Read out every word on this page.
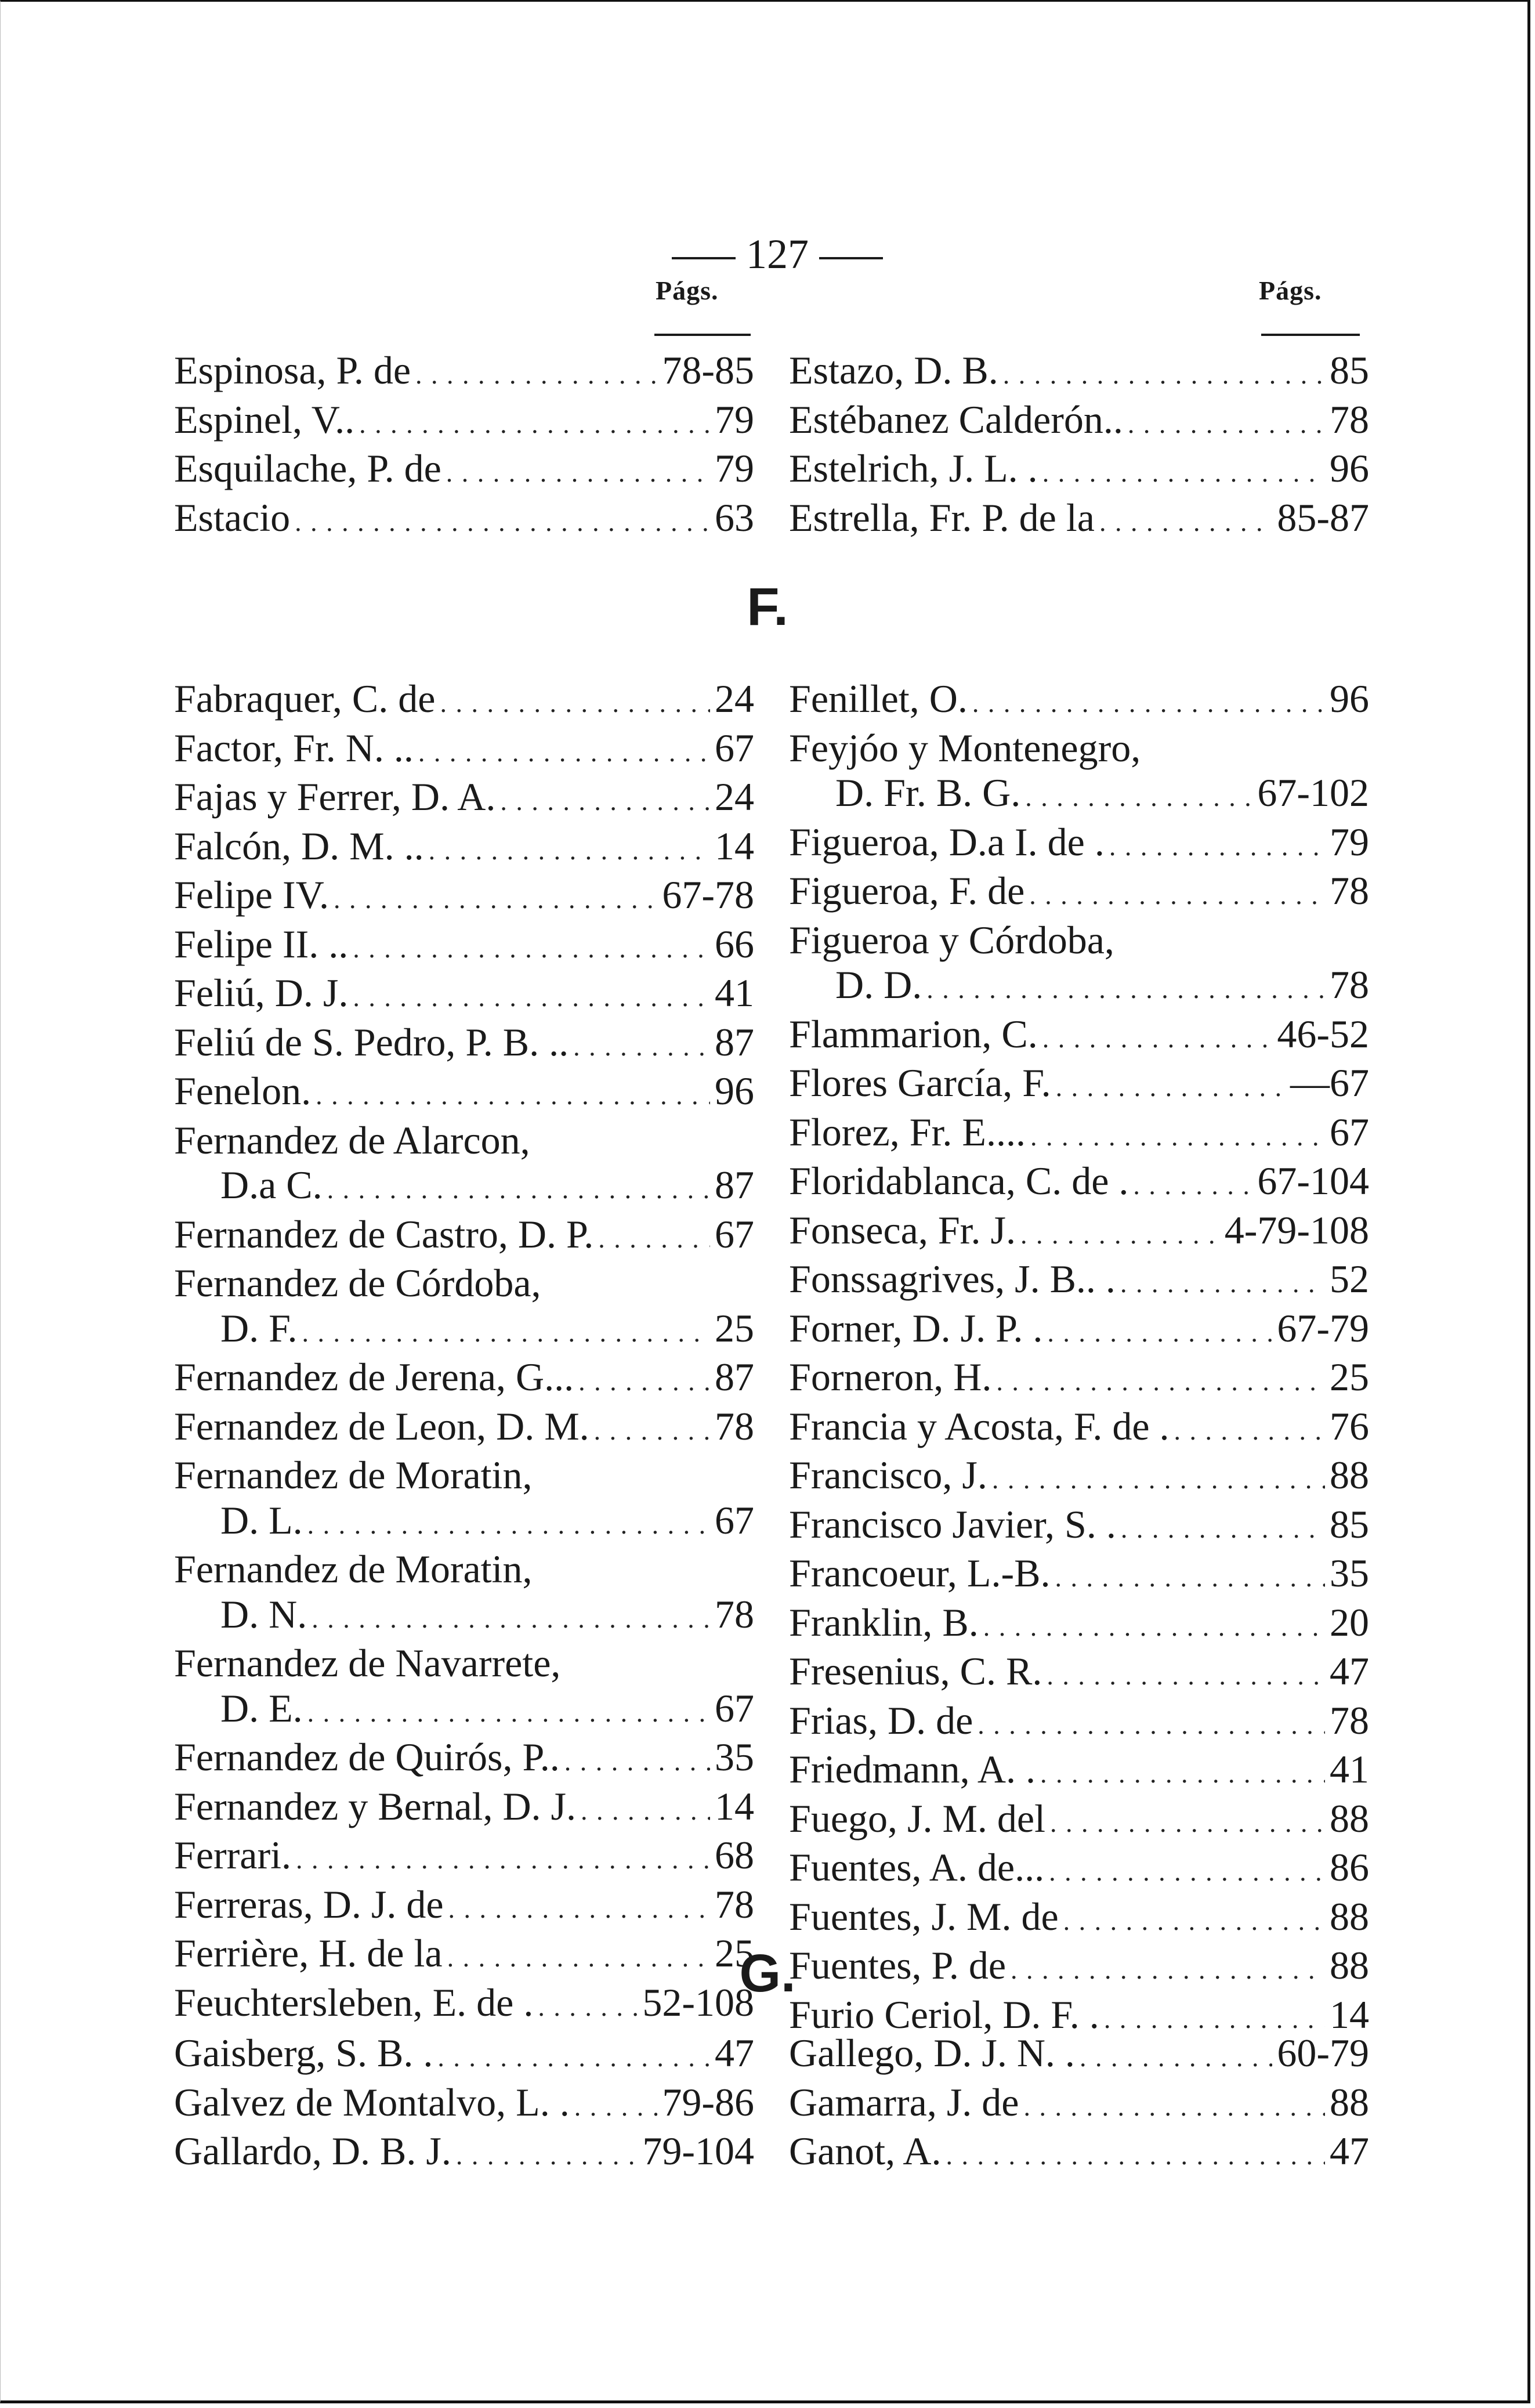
127
Págs.	Págs.
Espinosa, P. de . . .	78-85
Espinel, V.. . . .	79
Esquilache, P. de . . .	79
Estacio . . .	63
Estazo, D. B. . . .	85
Estébanez Calderón.. . . .	78
Estelrich, J. L. . . . .	96
Estrella, Fr. P. de la . . .	85-87
F.
Fabraquer, C. de . . .	24
Factor, Fr. N. .. . . .	67
Fajas y Ferrer, D. A. . . .	24
Falcón, D. M. .. . . .	14
Felipe IV. . . .	67-78
Felipe II. .. . . .	66
Feliú, D. J. . . .	41
Feliú de S. Pedro, P. B. .. . . .	87
Fenelon. . . .	96
Fernandez de Alarcon,
D.a C. . . .	87
Fernandez de Castro, D. P. . . .	67
Fernandez de Córdoba,
D. F. . . .	25
Fernandez de Jerena, G... . . .	87
Fernandez de Leon, D. M. . . .	78
Fernandez de Moratin,
D. L. . . .	67
Fernandez de Moratin,
D. N. . . .	78
Fernandez de Navarrete,
D. E. . . .	67
Fernandez de Quirós, P.. . . .	35
Fernandez y Bernal, D. J. . . .	14
Ferrari. . . .	68
Ferreras, D. J. de . . .	78
Ferrière, H. de la . . .	25
Feuchtersleben, E. de . . . .	52-108
Fenillet, O. . . .	96
Feyjóo y Montenegro,
D. Fr. B. G. . . .	67-102
Figueroa, D.a I. de . . . .	79
Figueroa, F. de . . .	78
Figueroa y Córdoba,
D. D. . . .	78
Flammarion, C. . . .	46-52
Flores García, F. . . .	—67
Florez, Fr. E.... . . .	67
Floridablanca, C. de . . . .	67-104
Fonseca, Fr. J. . . .	4-79-108
Fonssagrives, J. B.. . . . .	52
Forner, D. J. P. . . . .	67-79
Forneron, H. . . .	25
Francia y Acosta, F. de . . . .	76
Francisco, J. . . .	88
Francisco Javier, S. . . . .	85
Francoeur, L.-B. . . .	35
Franklin, B. . . .	20
Fresenius, C. R. . . .	47
Frias, D. de . . .	78
Friedmann, A. . . . .	41
Fuego, J. M. del . . .	88
Fuentes, A. de... . . .	86
Fuentes, J. M. de . . .	88
Fuentes, P. de . . .	88
Furio Ceriol, D. F. . . . .	14
G.
Gaisberg, S. B. . . . .	47
Galvez de Montalvo, L. . . . . 79-86
Gallardo, D. B. J. . . .	79-104
Gallego, D. J. N. . . . .	60-79
Gamarra, J. de . . .	88
Ganot, A. . . .	47
